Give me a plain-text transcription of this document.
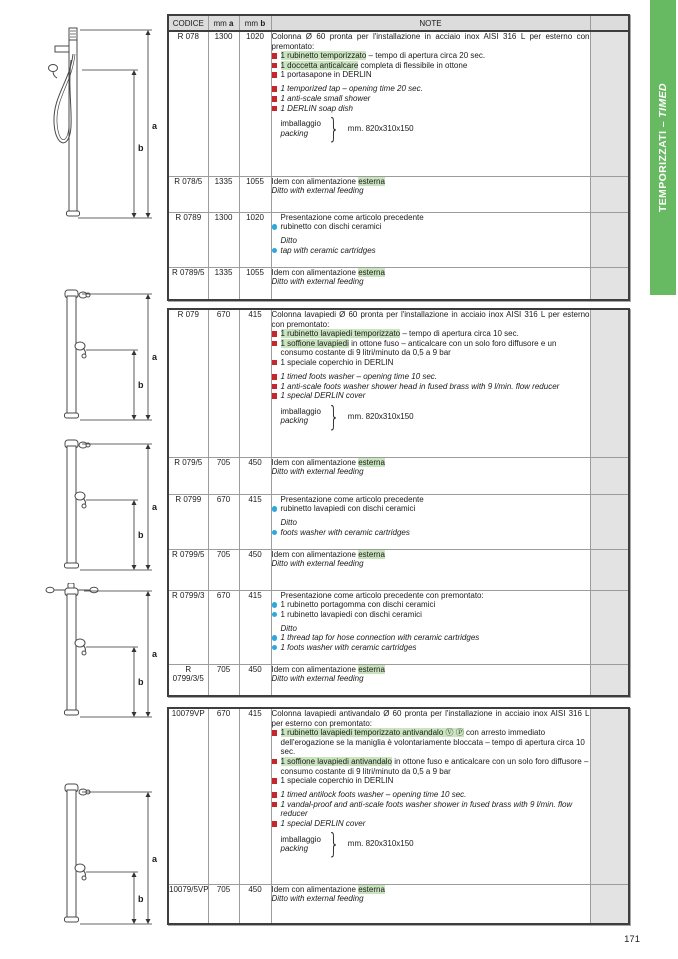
a
b
a
b
a
b
a
b
a
b
TEMPORIZZATI – TIMED
CODICE	mm a	mm b	NOTE	
R 078	1300	1020	Colonna Ø 60 pronta per l'installazione in acciaio inox AISI 316 L per esterno con premontato:
1 rubinetto temporizzato – tempo di apertura circa 20 sec.
1 doccetta anticalcare completa di flessibile in ottone
1 portasapone in DERLIN
1 temporized tap – opening time 20 sec.
1 anti-scale small shower
1 DERLIN soap dish
imballaggio
packing } mm. 820x310x150

R 078/5	1335	1055	Idem con alimentazione esterna
Ditto with external feeding	

R 0789	1300	1020	Presentazione come articolo precedente
rubinetto con dischi ceramici
Ditto
tap with ceramic cartridges	

R 0789/5	1335	1055	Idem con alimentazione esterna
Ditto with external feeding	

R 079	670	415	Colonna lavapiedi Ø 60 pronta per l'installazione in acciaio inox AISI 316 L per esterno con premontato:
1 rubinetto lavapiedi temporizzato – tempo di apertura circa 10 sec.
1 soffione lavapiedi in ottone fuso – anticalcare con un solo foro diffusore e un consumo costante di 9 litri/minuto da 0,5 a 9 bar
1 speciale coperchio in DERLIN
1 timed foots washer – opening time 10 sec.
1 anti-scale foots washer shower head in fused brass with 9 l/min. flow reducer
1 special DERLIN cover
imballaggio
packing } mm. 820x310x150

R 079/5	705	450	Idem con alimentazione esterna
Ditto with external feeding	

R 0799	670	415	Presentazione come articolo precedente
rubinetto lavapiedi con dischi ceramici
Ditto
foots washer with ceramic cartridges	

R 0799/5	705	450	Idem con alimentazione esterna
Ditto with external feeding	

R 0799/3	670	415	Presentazione come articolo precedente con premontato:
1 rubinetto portagomma con dischi ceramici
1 rubinetto lavapiedi con dischi ceramici
Ditto
1 thread tap for hose connection with ceramic cartridges
1 foots washer with ceramic cartridges

R 0799/3/5	705	450	Idem con alimentazione esterna
Ditto with external feeding	

10079VP	670	415	Colonna lavapiedi antivandalo Ø 60 pronta per l'installazione in acciaio inox AISI 316 L per esterno con premontato:
1 rubinetto lavapiedi temporizzato antivandalo Ⓥ Ⓟ con arresto immediato dell'erogazione se la maniglia è volontariamente bloccata – tempo di apertura circa 10 sec.
1 soffione lavapiedi antivandalo in ottone fuso e anticalcare con un solo foro diffusore – consumo costante di 9 litri/minuto da 0,5 a 9 bar
1 speciale coperchio in DERLIN
1 timed antilock foots washer – opening time 10 sec.
1 vandal-proof and anti-scale foots washer shower in fused brass with 9 l/min. flow reducer
1 special DERLIN cover
imballaggio
packing } mm. 820x310x150

10079/5VP	705	450	Idem con alimentazione esterna
Ditto with external feeding	

171
